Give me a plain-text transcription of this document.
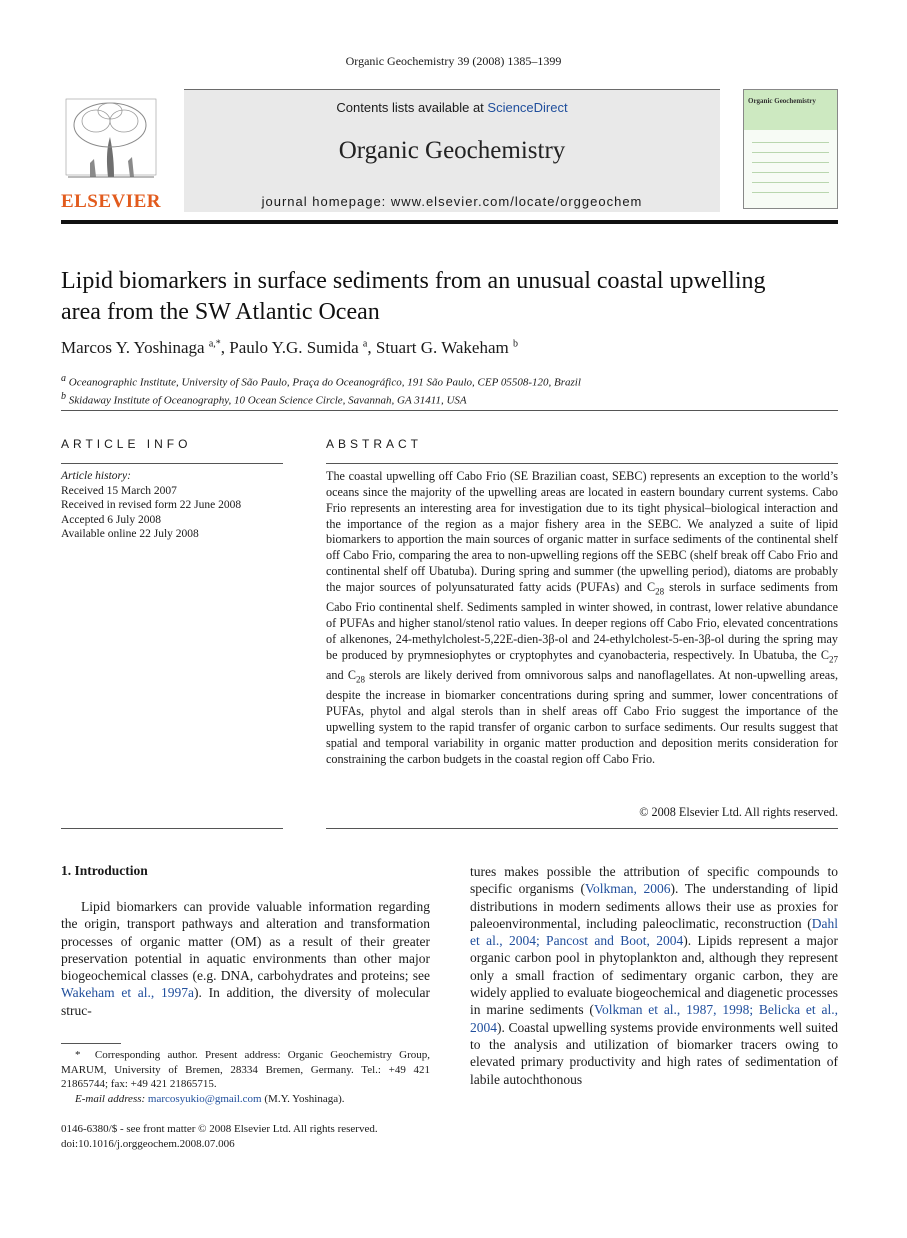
Organic Geochemistry 39 (2008) 1385–1399
ELSEVIER
Contents lists available at ScienceDirect
Organic Geochemistry
journal homepage: www.elsevier.com/locate/orggeochem
Organic Geochemistry
Lipid biomarkers in surface sediments from an unusual coastal upwelling area from the SW Atlantic Ocean
Marcos Y. Yoshinaga $^{a,*}$, Paulo Y.G. Sumida $^a$, Stuart G. Wakeham $^b$
$^a$ Oceanographic Institute, University of São Paulo, Praça do Oceanográfico, 191 São Paulo, CEP 05508-120, Brazil
$^b$ Skidaway Institute of Oceanography, 10 Ocean Science Circle, Savannah, GA 31411, USA
ARTICLE INFO	ABSTRACT
Article history:
Received 15 March 2007
Received in revised form 22 June 2008
Accepted 6 July 2008
Available online 22 July 2008
The coastal upwelling off Cabo Frio (SE Brazilian coast, SEBC) represents an exception to the world’s oceans since the majority of the upwelling areas are located in eastern boundary current systems. Cabo Frio represents an interesting area for investigation due to its tight physical–biological interaction and the importance of the region as a major fishery area in the SEBC. We analyzed a suite of lipid biomarkers to apportion the main sources of organic matter in surface sediments of the continental shelf off Cabo Frio, comparing the area to non-upwelling regions off the SEBC (shelf break off Cabo Frio and continental shelf off Ubatuba). During spring and summer (the upwelling period), diatoms are probably the major sources of polyunsaturated fatty acids (PUFAs) and $C_{28}$ sterols in surface sediments from Cabo Frio continental shelf. Sediments sampled in winter showed, in contrast, lower relative abundance of PUFAs and higher stanol/stenol ratio values. In deeper regions off Cabo Frio, elevated concentrations of alkenones, 24-methylcholest-5,22E-dien-3β-ol and 24-ethylcholest-5-en-3β-ol during the spring may be produced by prymnesiophytes or cryptophytes and cyanobacteria, respectively. In Ubatuba, the $C_{27}$ and $C_{28}$ sterols are likely derived from omnivorous salps and nanoflagellates. At non-upwelling areas, despite the increase in biomarker concentrations during spring and summer, lower concentrations of PUFAs, phytol and algal sterols than in shelf areas off Cabo Frio suggest the importance of the upwelling system to the rapid transfer of organic carbon to surface sediments. Our results suggest that spatial and temporal variability in organic matter production and deposition merits consideration for constraining the carbon budgets in the coastal region off Cabo Frio.
© 2008 Elsevier Ltd. All rights reserved.
1. Introduction
Lipid biomarkers can provide valuable information regarding the origin, transport pathways and alteration and transformation processes of organic matter (OM) as a result of their greater preservation potential in aquatic environments than other major biogeochemical classes (e.g. DNA, carbohydrates and proteins; see Wakeham et al., 1997a). In addition, the diversity of molecular struc-
tures makes possible the attribution of specific compounds to specific organisms (Volkman, 2006). The understanding of lipid distributions in modern sediments allows their use as proxies for paleoenvironmental, including paleoclimatic, reconstruction (Dahl et al., 2004; Pancost and Boot, 2004). Lipids represent a major organic carbon pool in phytoplankton and, although they represent only a small fraction of sedimentary organic carbon, they are widely applied to evaluate biogeochemical and diagenetic processes in marine sediments (Volkman et al., 1987, 1998; Belicka et al., 2004). Coastal upwelling systems provide environments well suited to the analysis and utilization of biomarker tracers owing to elevated primary productivity and high rates of sedimentation of labile autochthonous

*  Corresponding author. Present address: Organic Geochemistry Group, MARUM, University of Bremen, 28334 Bremen, Germany. Tel.: +49 421 21865744; fax: +49 421 21865715.

E-mail address: marcosyukio@gmail.com (M.Y. Yoshinaga).

0146-6380/$ - see front matter © 2008 Elsevier Ltd. All rights reserved.
doi:10.1016/j.orggeochem.2008.07.006
